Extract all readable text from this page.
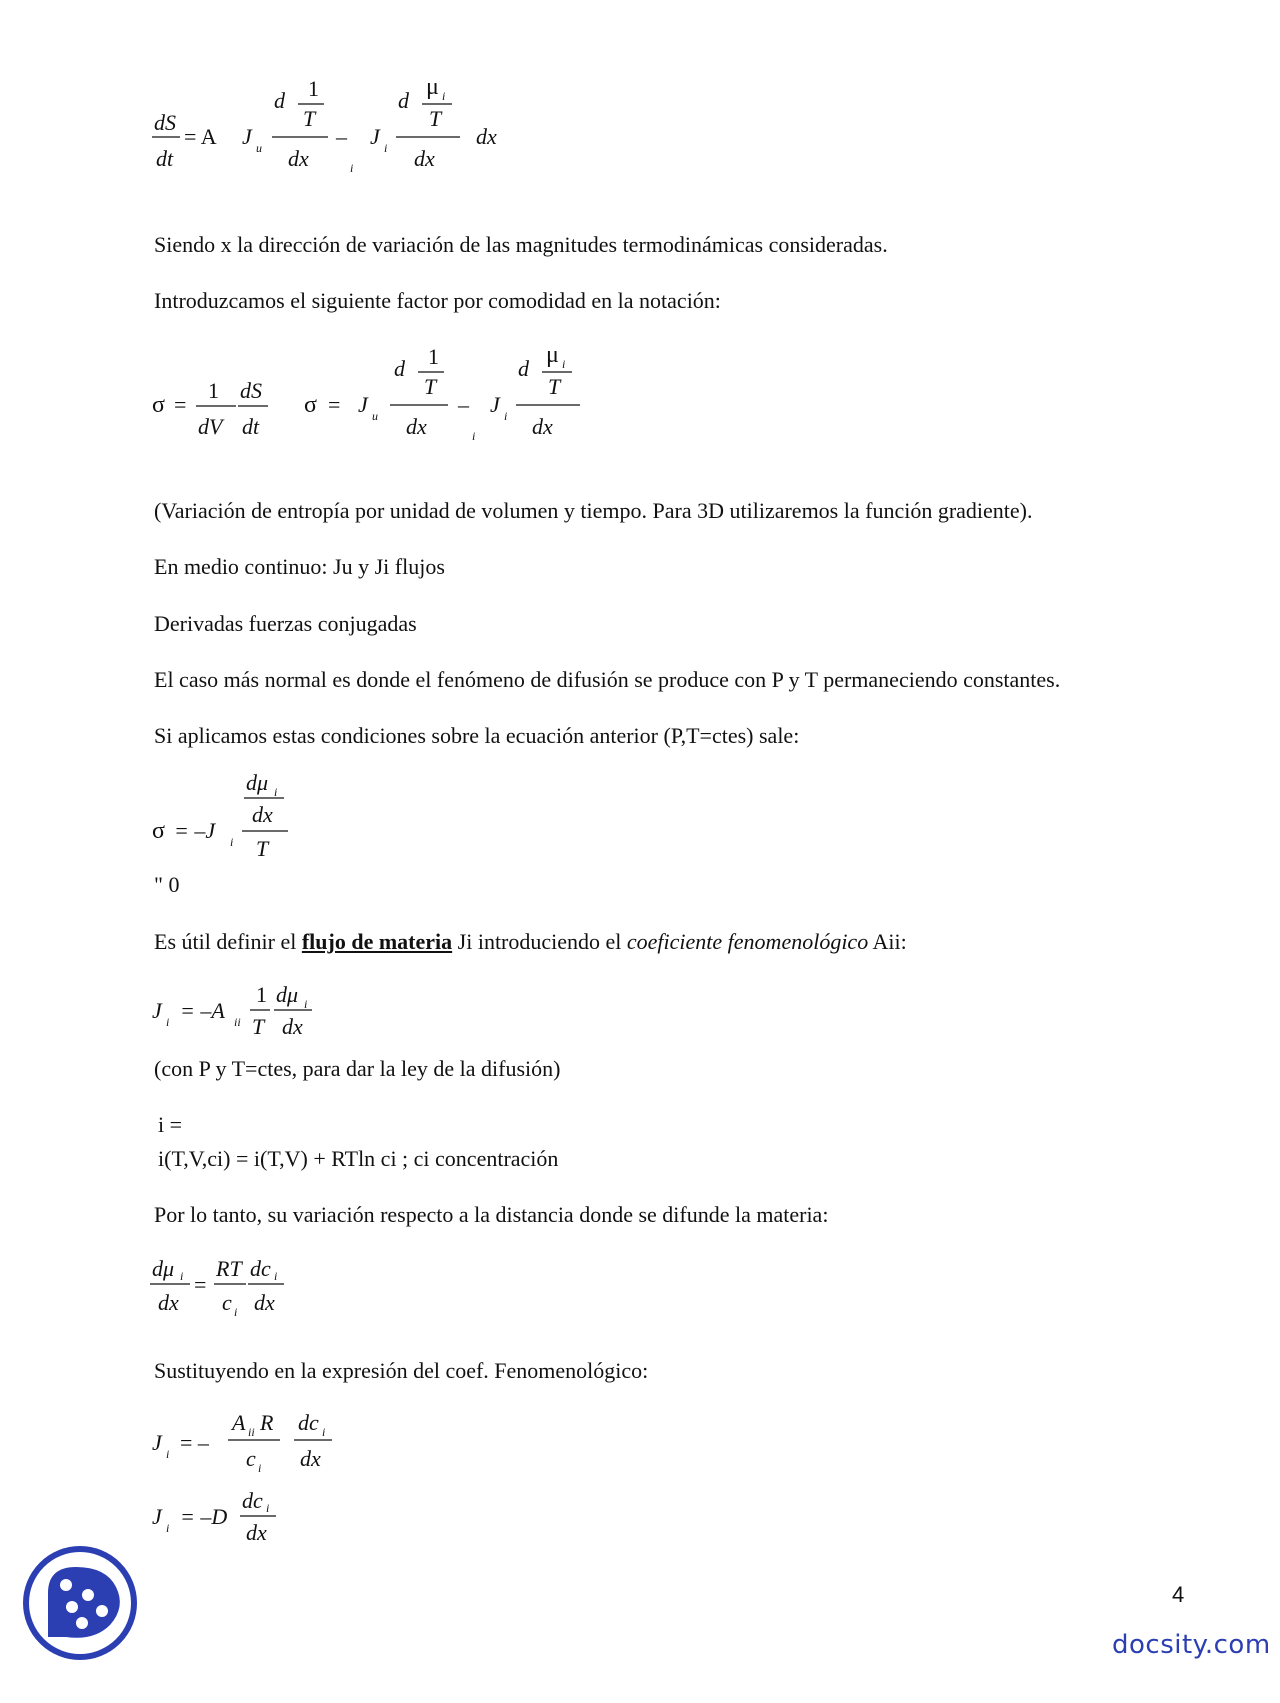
dS
dt
= A J u
d 1
T
dx
–
i
J i
d
μ i
T
dx
dx
Siendo x la dirección de variación de las magnitudes termodinámicas consideradas.
Introduzcamos el siguiente factor por comodidad en la notación:
σ =
1
dV
dS
dt
σ = J u
d 1
T
dx
–
i
J i
d
μ i
T
dx
(Variación de entropía por unidad de volumen y tiempo. Para 3D utilizaremos la función gradiente).
En medio continuo: Ju y Ji flujos
Derivadas fuerzas conjugadas
El caso más normal es donde el fenómeno de difusión se produce con P y T permaneciendo constantes.
Si aplicamos estas condiciones sobre la ecuación anterior (P,T=ctes) sale:
σ = –J i
dμ i
dx
T
" 0
Es útil definir el flujo de materia Ji introduciendo el coeficiente fenomenológico Aii:
J i = –A ii
1
T
dμ i
dx
(con P y T=ctes, para dar la ley de la difusión)
i =
i(T,V,ci) = i(T,V) + RTln ci ; ci concentración
Por lo tanto, su variación respecto a la distancia donde se difunde la materia:
dμ i
dx
=
RT
c i
dc i
dx
Sustituyendo en la expresión del coef. Fenomenológico:
J i = –
A ii R
c i
dc i
dx
J i = –D
dc i
dx
4
docsity.com
